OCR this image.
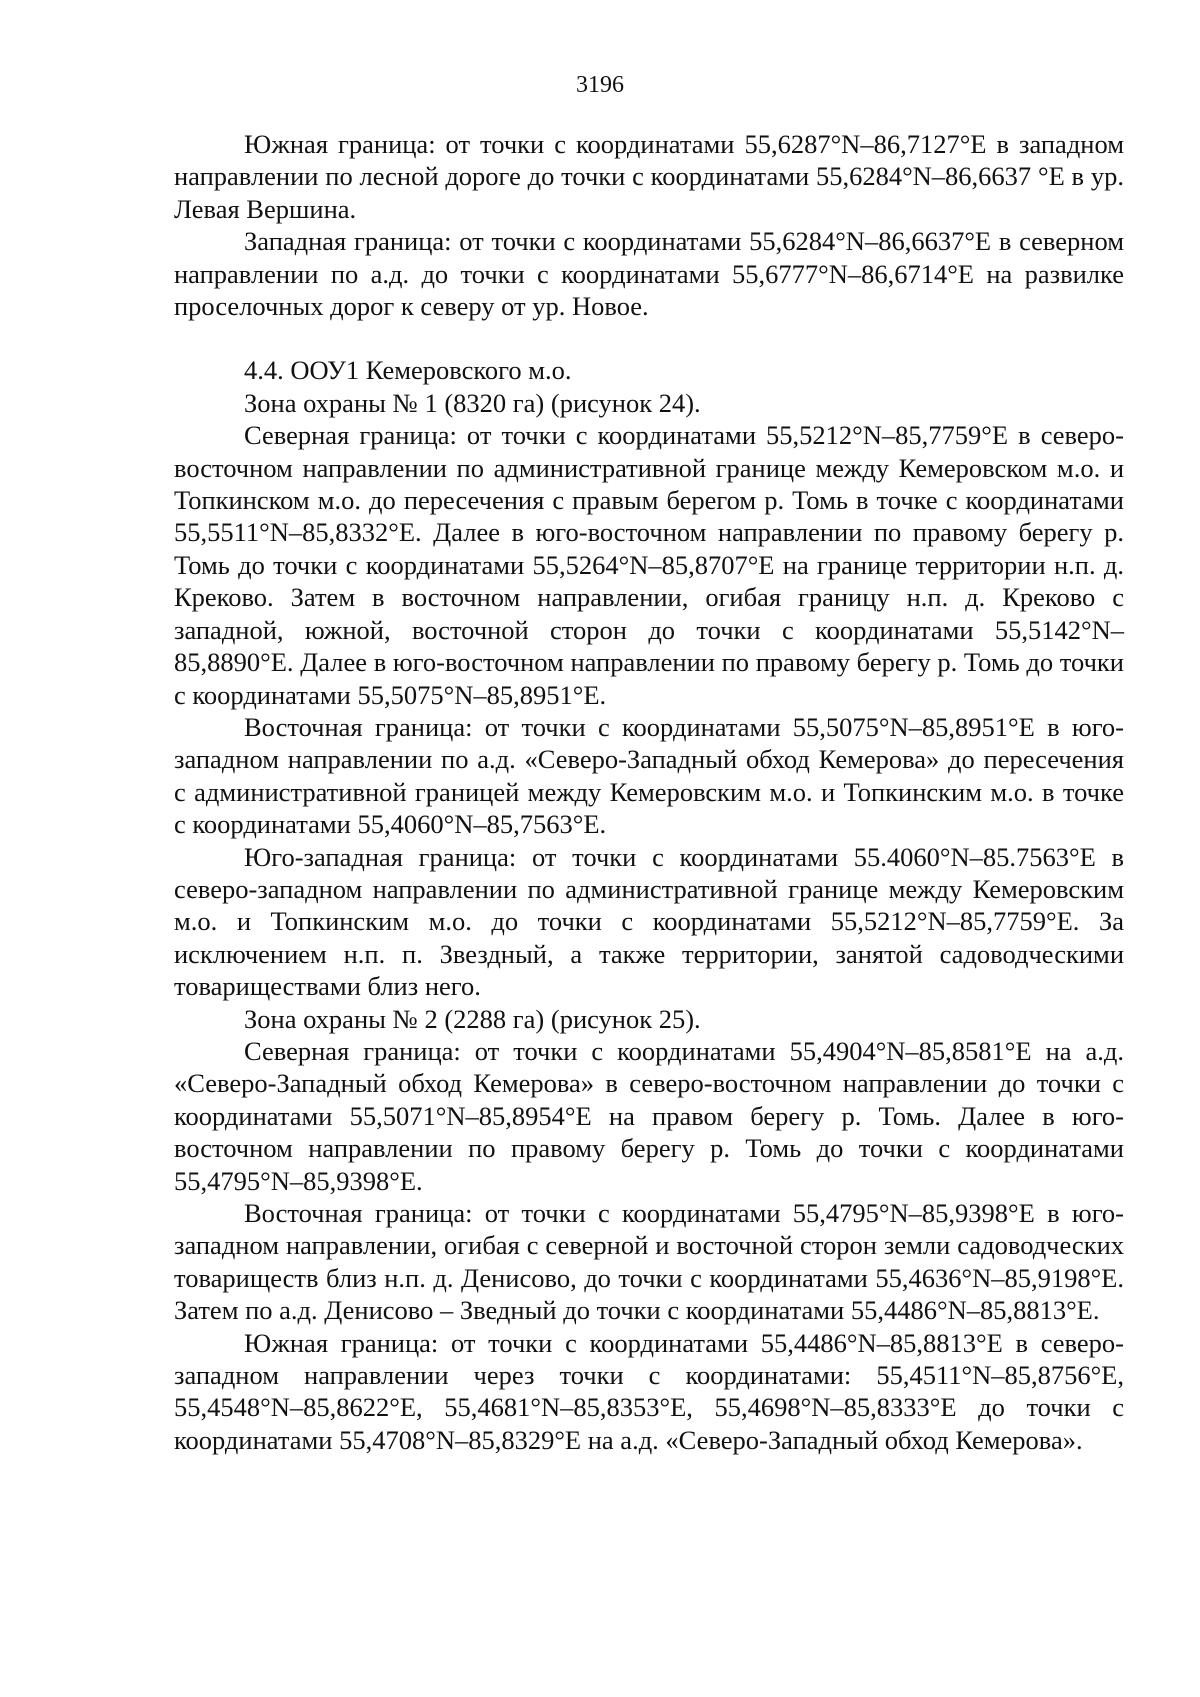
3196

Южная граница: от точки с координатами 55,6287°N–86,7127°E в западном направлении по лесной дороге до точки с координатами 55,6284°N–86,6637 °E в ур. Левая Вершина.

Западная граница: от точки с координатами 55,6284°N–86,6637°E в северном направлении по а.д. до точки с координатами 55,6777°N–86,6714°E на развилке проселочных дорог к северу от ур. Новое.

4.4. ООУ1 Кемеровского м.о.

Зона охраны № 1 (8320 га) (рисунок 24).

Северная граница: от точки с координатами 55,5212°N–85,7759°E в северо-восточном направлении по административной границе между Кемеровском м.о. и Топкинском м.о. до пересечения с правым берегом р. Томь в точке с координатами 55,5511°N–85,8332°E. Далее в юго-восточном направлении по правому берегу р. Томь до точки с координатами 55,5264°N–85,8707°E на границе территории н.п. д. Креково. Затем в восточном направлении, огибая границу н.п. д. Креково с западной, южной, восточной сторон до точки с координатами 55,5142°N–85,8890°E. Далее в юго-восточном направлении по правому берегу р. Томь до точки с координатами 55,5075°N–85,8951°E.

Восточная граница: от точки с координатами 55,5075°N–85,8951°E в юго-западном направлении по а.д. «Северо-Западный обход Кемерова» до пересечения с административной границей между Кемеровским м.о. и Топкинским м.о. в точке с координатами 55,4060°N–85,7563°E.

Юго-западная граница: от точки с координатами 55.4060°N–85.7563°E в северо-западном направлении по административной границе между Кемеровским м.о. и Топкинским м.о. до точки с координатами 55,5212°N–85,7759°E. За исключением н.п. п. Звездный, а также территории, занятой садоводческими товариществами близ него.

Зона охраны № 2 (2288 га) (рисунок 25).

Северная граница: от точки с координатами 55,4904°N–85,8581°E на а.д. «Северо-Западный обход Кемерова» в северо-восточном направлении до точки с координатами 55,5071°N–85,8954°E на правом берегу р. Томь. Далее в юго-восточном направлении по правому берегу р. Томь до точки с координатами 55,4795°N–85,9398°E.

Восточная граница: от точки с координатами 55,4795°N–85,9398°E в юго-западном направлении, огибая с северной и восточной сторон земли садоводческих товариществ близ н.п. д. Денисово, до точки с координатами 55,4636°N–85,9198°E. Затем по а.д. Денисово – Зведный до точки с координатами 55,4486°N–85,8813°E.

Южная граница: от точки с координатами 55,4486°N–85,8813°E в северо-западном направлении через точки с координатами: 55,4511°N–85,8756°E, 55,4548°N–85,8622°E, 55,4681°N–85,8353°E, 55,4698°N–85,8333°E до точки с координатами 55,4708°N–85,8329°E на а.д. «Северо-Западный обход Кемерова».
